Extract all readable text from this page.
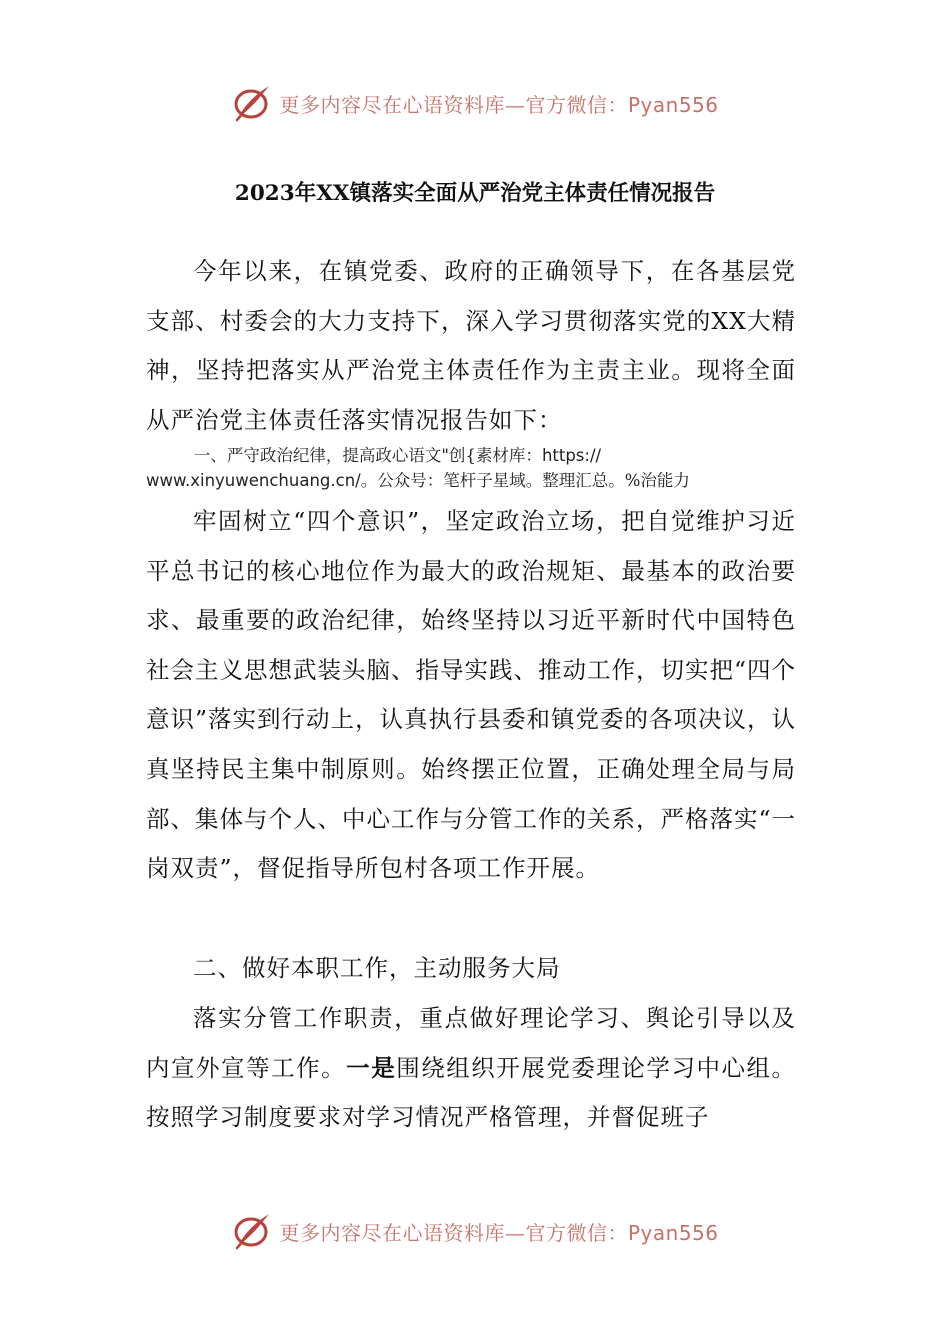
更多内容尽在心语资料库—官方微信：Pyan556
2023年XX镇落实全面从严治党主体责任情况报告

今年以来，在镇党委、政府的正确领导下，在各基层党支部、村委会的大力支持下，深入学习贯彻落实党的XX大精神，坚持把落实从严治党主体责任作为主责主业。现将全面从严治党主体责任落实情况报告如下：

一、严守政治纪律，提高政心语文"创{素材库：https://
www.xinyuwenchuang.cn/。公众号：笔杆子星域。整理汇总。%治能力

牢固树立“四个意识”，坚定政治立场，把自觉维护习近平总书记的核心地位作为最大的政治规矩、最基本的政治要求、最重要的政治纪律，始终坚持以习近平新时代中国特色社会主义思想武装头脑、指导实践、推动工作，切实把“四个意识”落实到行动上，认真执行县委和镇党委的各项决议，认真坚持民主集中制原则。始终摆正位置，正确处理全局与局部、集体与个人、中心工作与分管工作的关系，严格落实“一岗双责”，督促指导所包村各项工作开展。

二、做好本职工作，主动服务大局

落实分管工作职责，重点做好理论学习、舆论引导以及内宣外宣等工作。一是围绕组织开展党委理论学习中心组。按照学习制度要求对学习情况严格管理，并督促班子

更多内容尽在心语资料库—官方微信：Pyan556
